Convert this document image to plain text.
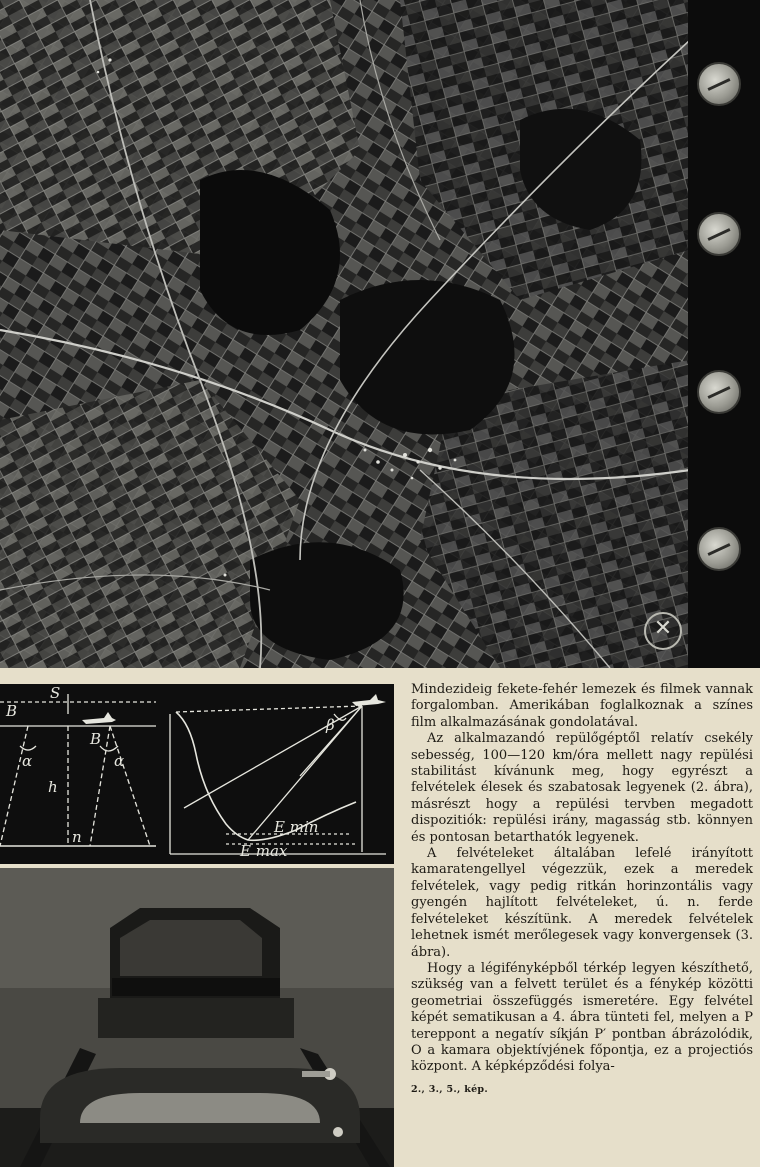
✕
B
S
B
h
α	α
n
β
E min
E max

Mindezideig fekete-fehér lemezek és filmek vannak forgalomban. Amerikában foglalkoznak a színes film alkalmazásának gondolatával.

Az alkalmazandó repülőgéptől relatív csekély sebesség, 100—120 km/óra mellett nagy repülési stabilitást kívánunk meg, hogy egyrészt a felvételek élesek és szabatosak legyenek (2. ábra), másrészt hogy a repülési tervben megadott dispozitiók: repülési irány, magasság stb. könnyen és pontosan betarthatók legyenek.

A felvételeket általában lefelé irányított kamaratengellyel végezzük, ezek a meredek felvételek, vagy pedig ritkán horinzontális vagy gyengén hajlított felvételeket, ú. n. ferde felvételeket készítünk. A meredek felvételek lehetnek ismét merőlegesek vagy konvergensek (3. ábra).

Hogy a légifényképből térkép legyen készíthető, szükség van a felvett terület és a fénykép közötti geometriai összefüggés ismeretére. Egy felvétel képét sematikusan a 4. ábra tünteti fel, melyen a P tereppont a negatív síkján P′ pontban ábrázolódik, O a kamara objektívjének főpontja, ez a projectiós központ. A képképződési folya-

2., 3., 5., kép.
